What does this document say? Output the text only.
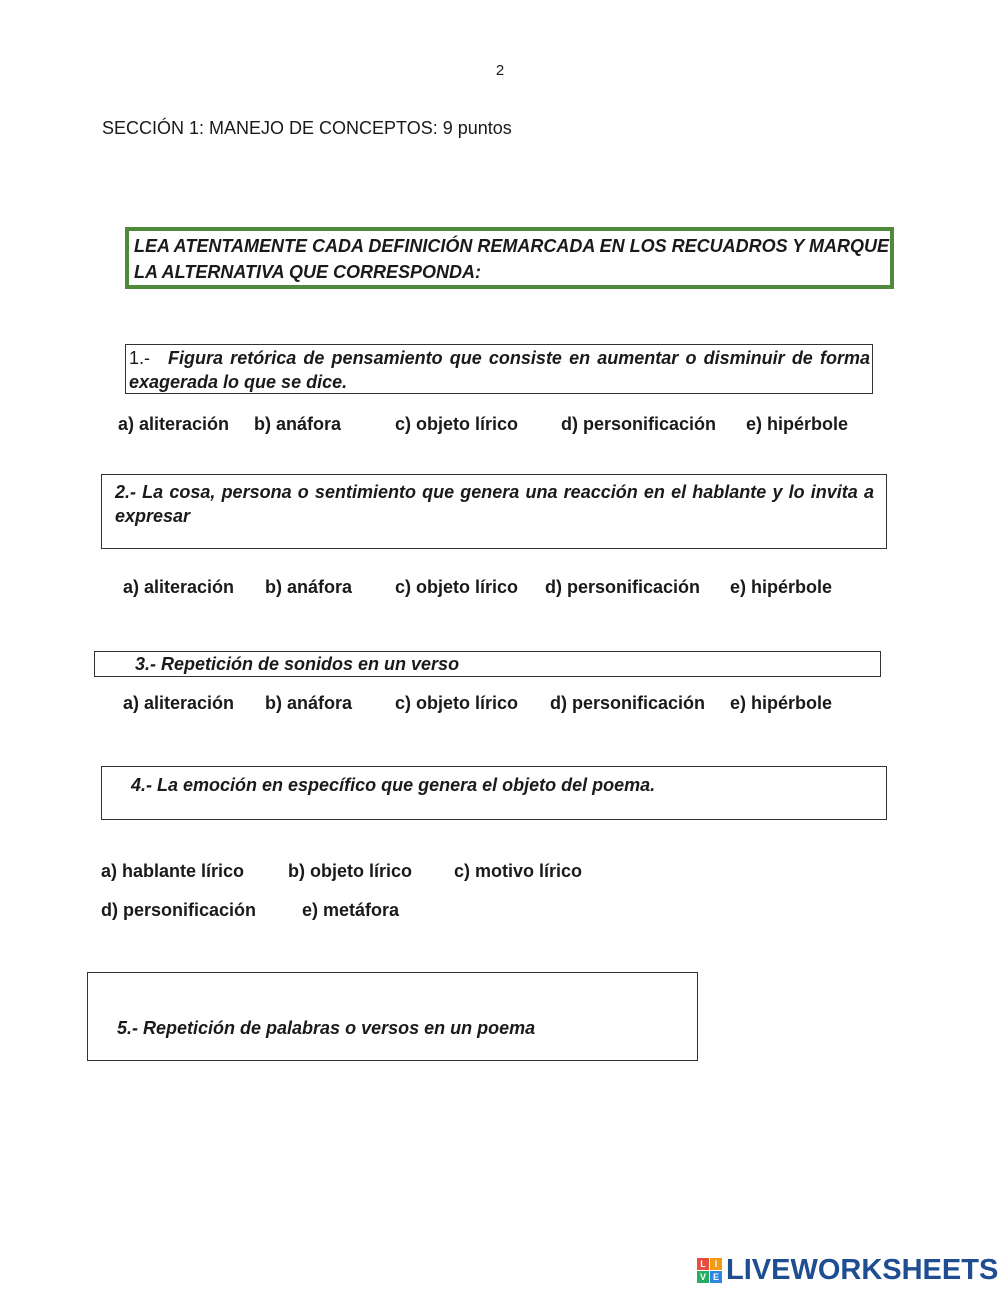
2
SECCIÓN 1: MANEJO DE CONCEPTOS: 9 puntos
LEA ATENTAMENTE CADA DEFINICIÓN REMARCADA EN LOS RECUADROS Y MARQUE LA ALTERNATIVA QUE CORRESPONDA:
1.- Figura retórica de pensamiento que consiste en aumentar o disminuir de forma exagerada lo que se dice.
a) aliteración b) anáfora	c) objeto lírico d) personificación e) hipérbole
2.- La cosa, persona o sentimiento que genera una reacción en el hablante y lo invita a expresar
a) aliteración b) anáfora c) objeto lírico d) personificación e) hipérbole
3.- Repetición de sonidos en un verso
a) aliteración b) anáfora c) objeto lírico d) personificación e) hipérbole
4.- La emoción en específico que genera el objeto del poema.
a) hablante lírico b) objeto lírico c) motivo lírico
d) personificación	e) metáfora
5.- Repetición de palabras o versos en un poema
L I
V E LIVEWORKSHEETS
